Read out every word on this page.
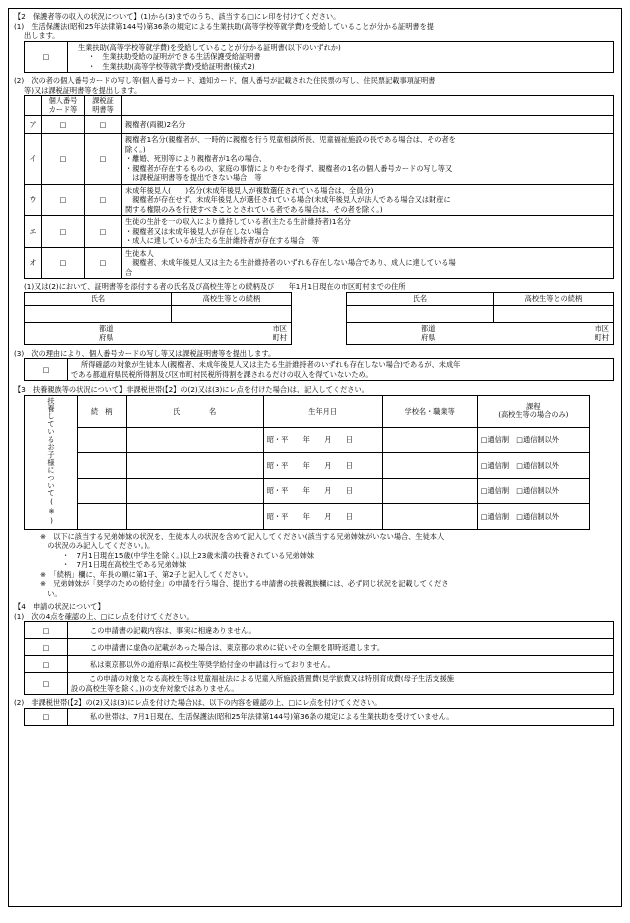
【2　保護者等の収入の状況について】(1)から(3)までのうち、該当する□にレ印を付けてください。

(1)　生活保護法(昭和25年法律第144号)第36条の規定による生業扶助(高等学校等就学費)を受給していることが分かる証明書を提

出します。

□	

生業扶助(高等学校等就学費)を受給していることが分かる証明書(以下のいずれか)

・　生業扶助受給の証明ができる生活保護受給証明書

・　生業扶助(高等学校等就学費)受給証明書(様式2)

(2)　次の者の個人番号カードの写し等(個人番号カード、通知カード、個人番号が記載された住民票の写し、住民票記載事項証明書

等)又は課税証明書等を提出します。

	個人番号
カード等	課税証
明書等	
ア	□	□	親権者(両親)2名分

イ	□	□	親権者1名分(親権者が、一時的に親権を行う児童相談所長、児童福祉施設の長である場合は、その者を

除く。)

・離婚、死別等により親権者が1名の場合、

・親権者が存在するものの、家庭の事情によりやむを得ず、親権者の1名の個人番号カードの写し等又

　は課税証明書等を提出できない場合　等

ウ	□	□	未成年後見人(　　)名分(未成年後見人が複数選任されている場合は、全員分)

　親権者が存在せず、未成年後見人が選任されている場合(未成年後見人が法人である場合又は財産に

関する権限のみを行使すべきこととされている者である場合は、その者を除く。)

エ	□	□	生徒の生計を一の収入により維持している者(主たる生計維持者)1名分

・親権者又は未成年後見人が存在しない場合

・成人に達しているが主たる生計維持者が存在する場合　等

オ	□	□	生徒本人

　親権者、未成年後見人又は主たる生計維持者のいずれも存在しない場合であり、成人に達している場

合

(1)又は(2)において、証明書等を添付する者の氏名及び高校生等との続柄及び　　年1月1日現在の市区町村までの住所

氏名	高校生等との続柄

都道 市区
府県 町村	
氏名	高校生等との続柄

都道 市区
府県 町村	

(3)　次の理由により、個人番号カードの写し等又は課税証明書等を提出します。

□	

所得確認の対象が生徒本人(親権者、未成年後見人又は主たる生計維持者のいずれも存在しない場合)であるが、未成年

である都道府県民税所得割及び区市町村民税所得割を課されるだけの収入を得ていないため。

【3　扶養親族等の状況について】非課税世帯(【2】の(2)又は(3)にレ点を付けた場合)は、記入してください。

扶養しているお子様について(※)	続　柄	氏　　　　名	生年月日	学校名・職業等	課程
(高校生等の場合のみ)
			昭・平　　年　　月　　日		□通信制　 □通信制以外
			昭・平　　年　　月　　日		□通信制　 □通信制以外
			昭・平　　年　　月　　日		□通信制　 □通信制以外
			昭・平　　年　　月　　日		□通信制　 □通信制以外

※　以下に該当する兄弟姉妹の状況を、生徒本人の状況を含めて記入してください(該当する兄弟姉妹がいない場合、生徒本人

　の状況のみ記入してください。)。

・　7月1日現在15歳(中学生を除く。)以上23歳未満の扶養されている兄弟姉妹

・　7月1日現在高校生である兄弟姉妹

※　「続柄」欄に、年長の順に第1子、第2子と記入してください。

※　兄弟姉妹が「奨学のための給付金」の申請を行う場合、提出する申請書の扶養親族欄には、必ず同じ状況を記載してくださ

　い。

【4　申請の状況について】

(1)　次の4点を確認の上、□にレ点を付けてください。

□	この申請書の記載内容は、事実に相違ありません。
□	この申請書に虚偽の記載があった場合は、東京都の求めに従いその全額を即時返還します。
□	私は東京都以外の道府県に高校生等奨学給付金の申請は行っておりません。
□	この申請の対象となる高校生等は児童福祉法による児童入所施設措置費(見学旅費又は特別育成費(母子生活支援施

設の高校生等を除く。))の支弁対象ではありません。

(2)　非課税世帯(【2】の(2)又は(3)にレ点を付けた場合)は、以下の内容を確認の上、□にレ点を付けてください。

□	私の世帯は、7月1日現在、生活保護法(昭和25年法律第144号)第36条の規定による生業扶助を受けていません。
